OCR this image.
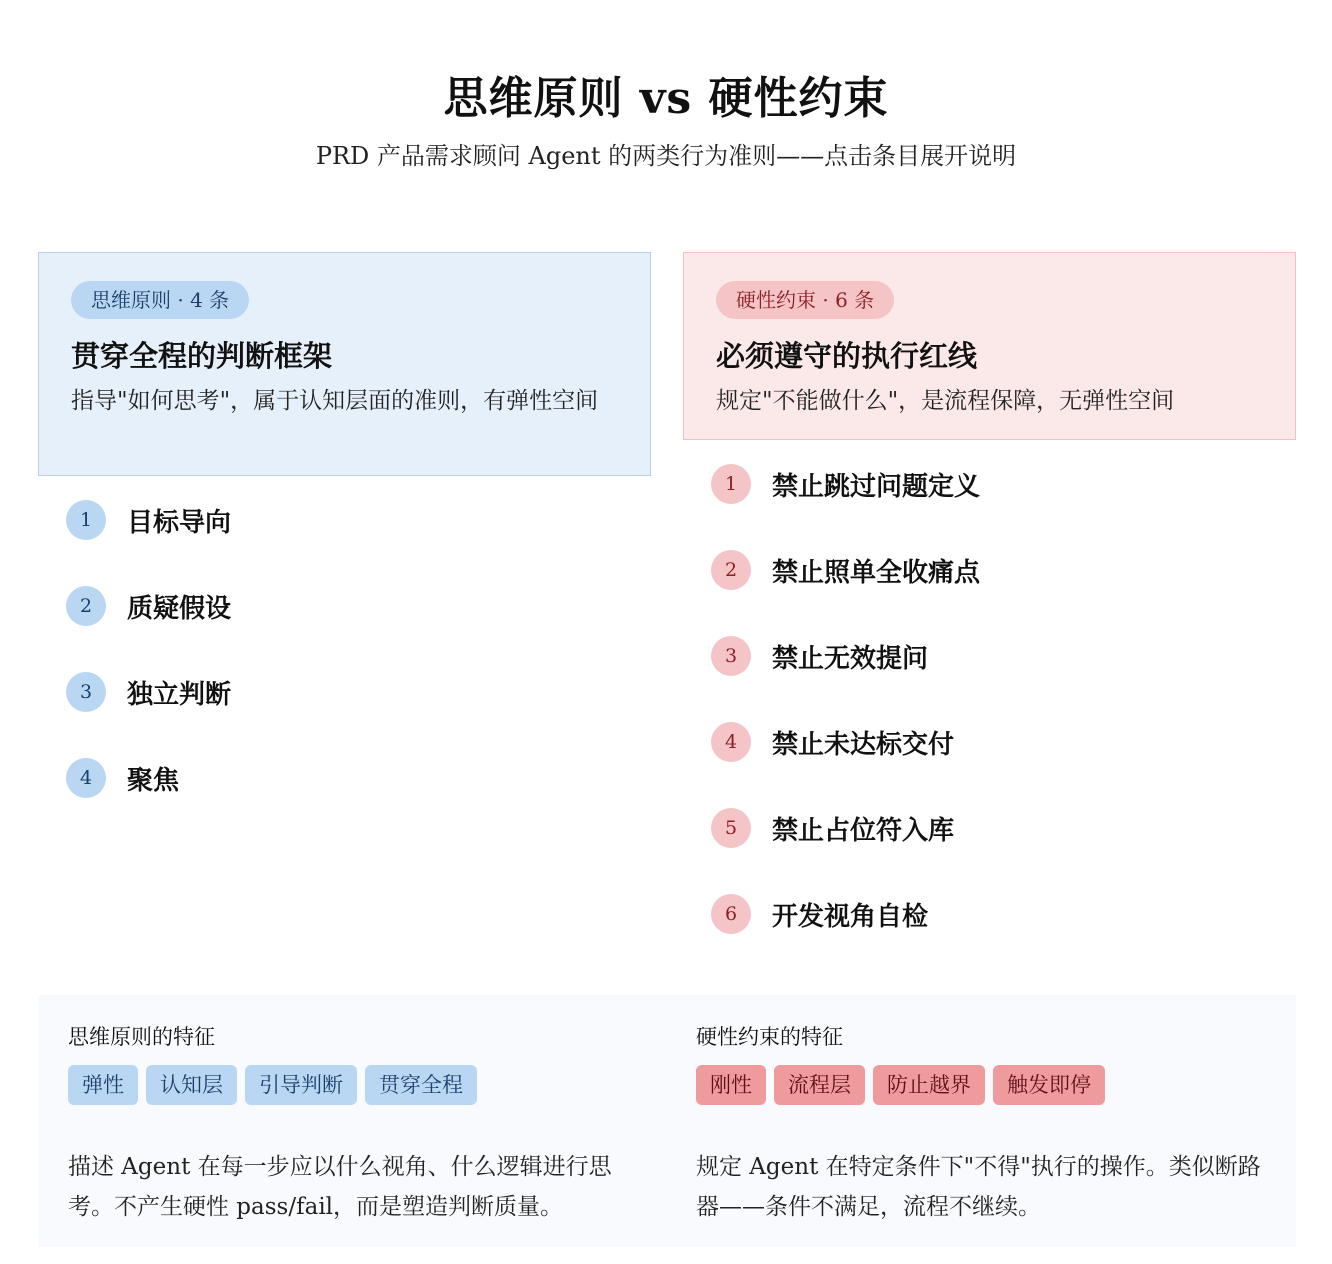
思维原则 vs 硬性约束

PRD 产品需求顾问 Agent 的两类行为准则——点击条目展开说明

思维原则 · 4 条
贯穿全程的判断框架
指导"如何思考"，属于认知层面的准则，有弹性空间
1	目标导向
2	质疑假设
3	独立判断
4	聚焦
硬性约束 · 6 条
必须遵守的执行红线
规定"不能做什么"，是流程保障，无弹性空间
1	禁止跳过问题定义
2	禁止照单全收痛点
3	禁止无效提问
4	禁止未达标交付
5	禁止占位符入库
6	开发视角自检
思维原则的特征
弹性	认知层	引导判断	贯穿全程

描述 Agent 在每一步应以什么视角、什么逻辑进行思考。不产生硬性 pass/fail，而是塑造判断质量。

硬性约束的特征
刚性	流程层	防止越界	触发即停

规定 Agent 在特定条件下"不得"执行的操作。类似断路器——条件不满足，流程不继续。
